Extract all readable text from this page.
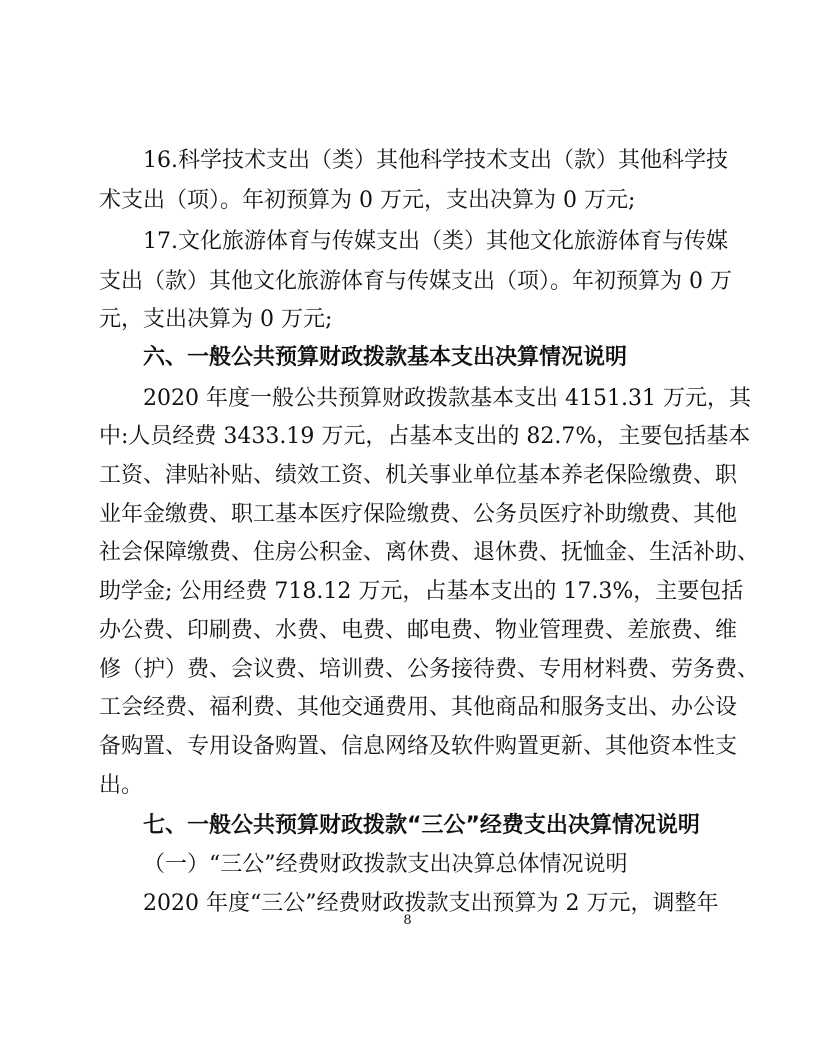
16.科学技术支出（类）其他科学技术支出（款）其他科学技
术支出（项）。年初预算为 0 万元，支出决算为 0 万元;
17.文化旅游体育与传媒支出（类）其他文化旅游体育与传媒
支出（款）其他文化旅游体育与传媒支出（项）。年初预算为 0 万
元，支出决算为 0 万元;
六、一般公共预算财政拨款基本支出决算情况说明
2020 年度一般公共预算财政拨款基本支出 4151.31 万元，其
中:人员经费 3433.19 万元，占基本支出的 82.7%，主要包括基本
工资、津贴补贴、绩效工资、机关事业单位基本养老保险缴费、职
业年金缴费、职工基本医疗保险缴费、公务员医疗补助缴费、其他
社会保障缴费、住房公积金、离休费、退休费、抚恤金、生活补助、
助学金; 公用经费 718.12 万元，占基本支出的 17.3%，主要包括
办公费、印刷费、水费、电费、邮电费、物业管理费、差旅费、维
修（护）费、会议费、培训费、公务接待费、专用材料费、劳务费、
工会经费、福利费、其他交通费用、其他商品和服务支出、办公设
备购置、专用设备购置、信息网络及软件购置更新、其他资本性支
出。
七、一般公共预算财政拨款“三公”经费支出决算情况说明
（一）“三公”经费财政拨款支出决算总体情况说明
2020 年度“三公”经费财政拨款支出预算为 2 万元，调整年
8
